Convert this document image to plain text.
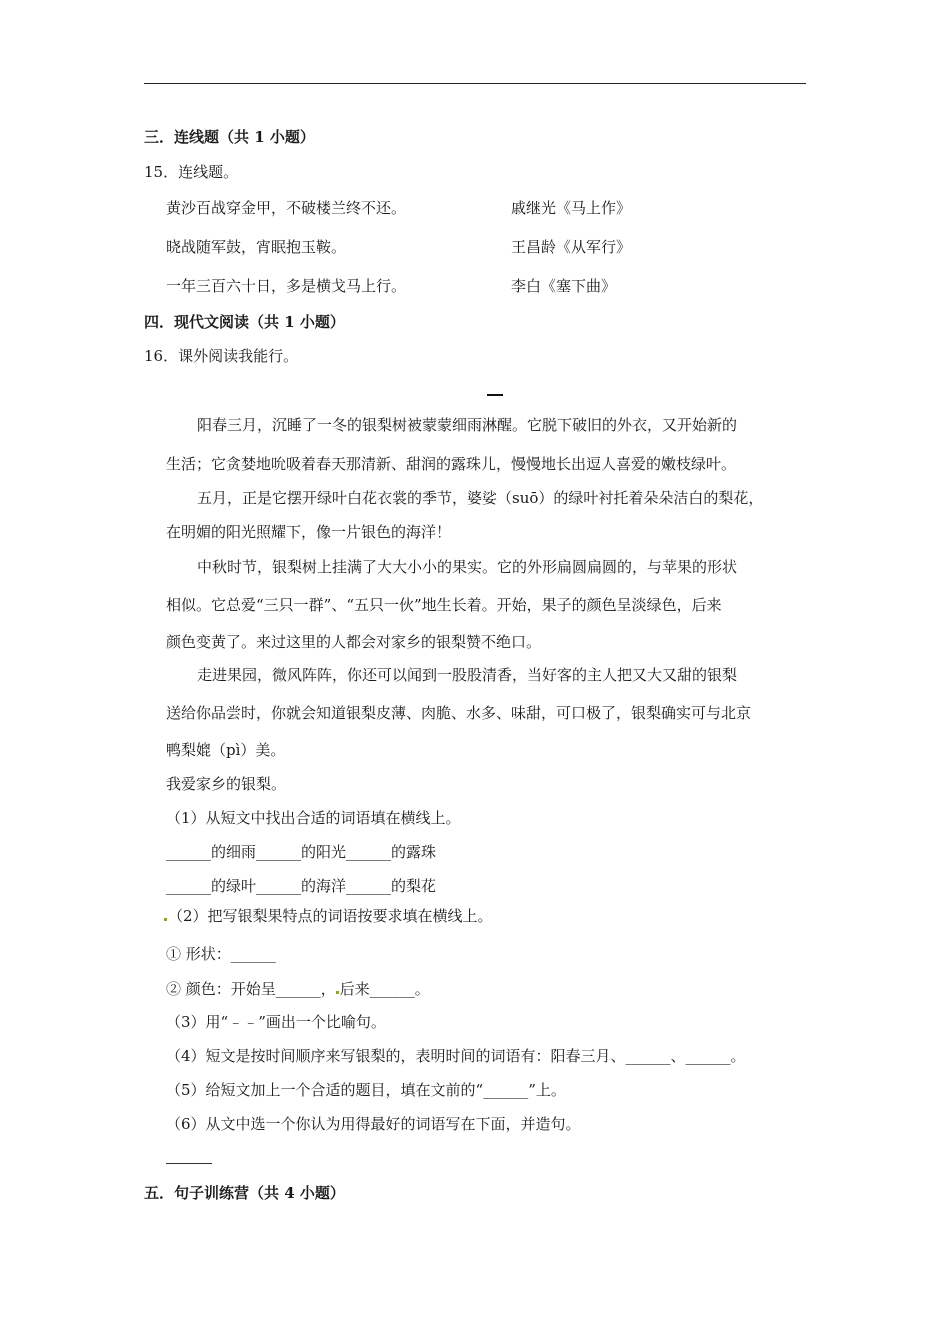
三．连线题（共 1 小题）
15．连线题。
黄沙百战穿金甲，不破楼兰终不还。	戚继光《马上作》
晓战随军鼓，宵眠抱玉鞍。	王昌龄《从军行》
一年三百六十日，多是横戈马上行。	李白《塞下曲》
四．现代文阅读（共 1 小题）
16．课外阅读我能行。
阳春三月，沉睡了一冬的银梨树被蒙蒙细雨淋醒。它脱下破旧的外衣，又开始新的
生活；它贪婪地吮吸着春天那清新、甜润的露珠儿，慢慢地长出逗人喜爱的嫩枝绿叶。
五月，正是它摆开绿叶白花衣裳的季节，婆娑（suō）的绿叶衬托着朵朵洁白的梨花，
在明媚的阳光照耀下，像一片银色的海洋！
中秋时节，银梨树上挂满了大大小小的果实。它的外形扁圆扁圆的，与苹果的形状
相似。它总爱“三只一群”、“五只一伙”地生长着。开始，果子的颜色呈淡绿色，后来
颜色变黄了。来过这里的人都会对家乡的银梨赞不绝口。
走进果园，微风阵阵，你还可以闻到一股股清香，当好客的主人把又大又甜的银梨
送给你品尝时，你就会知道银梨皮薄、肉脆、水多、味甜，可口极了，银梨确实可与北京
鸭梨媲（pì）美。
我爱家乡的银梨。
（1）从短文中找出合适的词语填在横线上。
______的细雨______的阳光______的露珠
______的绿叶______的海洋______的梨花
（2）把写银梨果特点的词语按要求填在横线上。
① 形状：______
② 颜色：开始呈______， 后来______。
（3）用“﹣﹣”画出一个比喻句。
（4）短文是按时间顺序来写银梨的，表明时间的词语有：阳春三月、______、______。
（5）给短文加上一个合适的题目，填在文前的“______”上。
（6）从文中选一个你认为用得最好的词语写在下面，并造句。
五．句子训练营（共 4 小题）
